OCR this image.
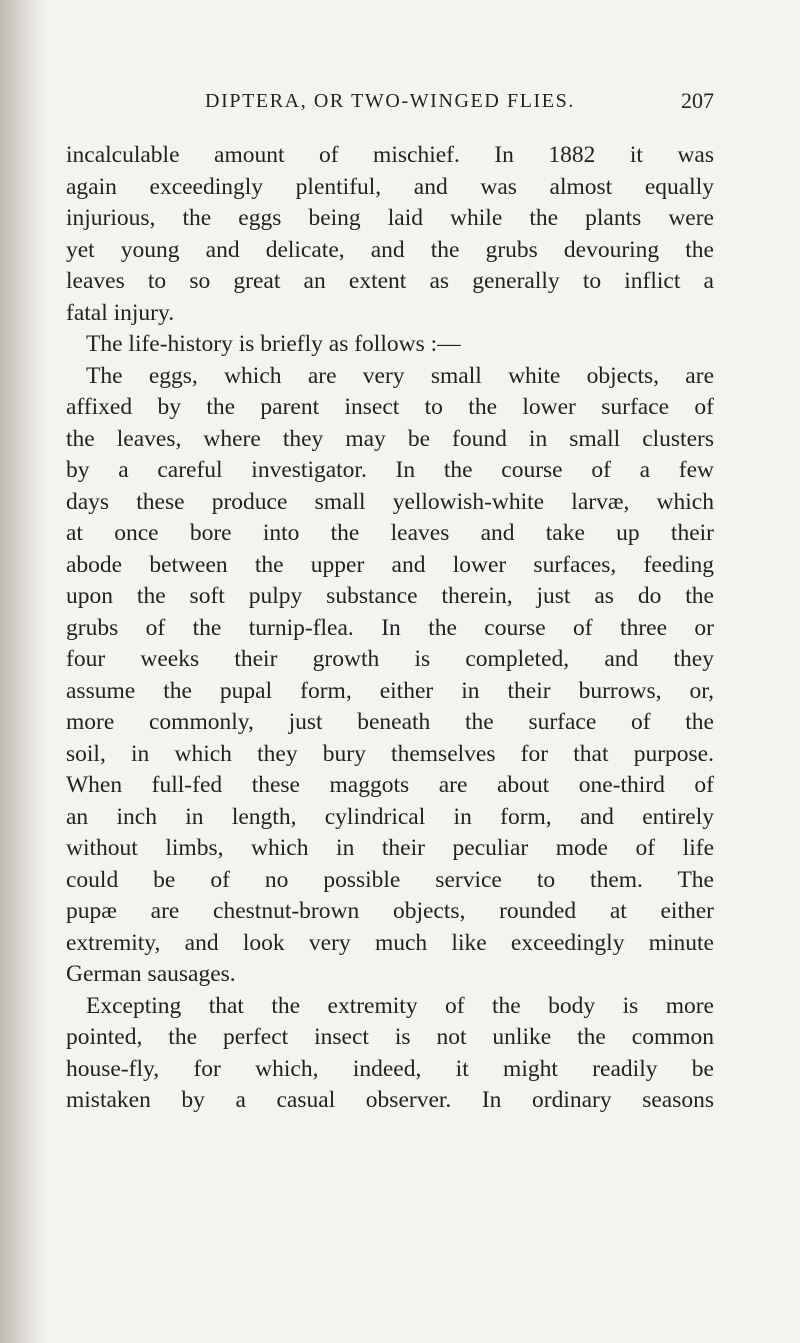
DIPTERA, OR TWO-WINGED FLIES.	207
incalculable amount of mischief. In 1882 it was
again exceedingly plentiful, and was almost equally
injurious, the eggs being laid while the plants were
yet young and delicate, and the grubs devouring the
leaves to so great an extent as generally to inflict a
fatal injury.
The life-history is briefly as follows :—
The eggs, which are very small white objects, are
affixed by the parent insect to the lower surface of
the leaves, where they may be found in small clusters
by a careful investigator. In the course of a few
days these produce small yellowish-white larvæ, which
at once bore into the leaves and take up their
abode between the upper and lower surfaces, feeding
upon the soft pulpy substance therein, just as do the
grubs of the turnip-flea. In the course of three or
four weeks their growth is completed, and they
assume the pupal form, either in their burrows, or,
more commonly, just beneath the surface of the
soil, in which they bury themselves for that purpose.
When full-fed these maggots are about one-third of
an inch in length, cylindrical in form, and entirely
without limbs, which in their peculiar mode of life
could be of no possible service to them. The
pupæ are chestnut-brown objects, rounded at either
extremity, and look very much like exceedingly minute
German sausages.
Excepting that the extremity of the body is more
pointed, the perfect insect is not unlike the common
house-fly, for which, indeed, it might readily be
mistaken by a casual observer. In ordinary seasons
